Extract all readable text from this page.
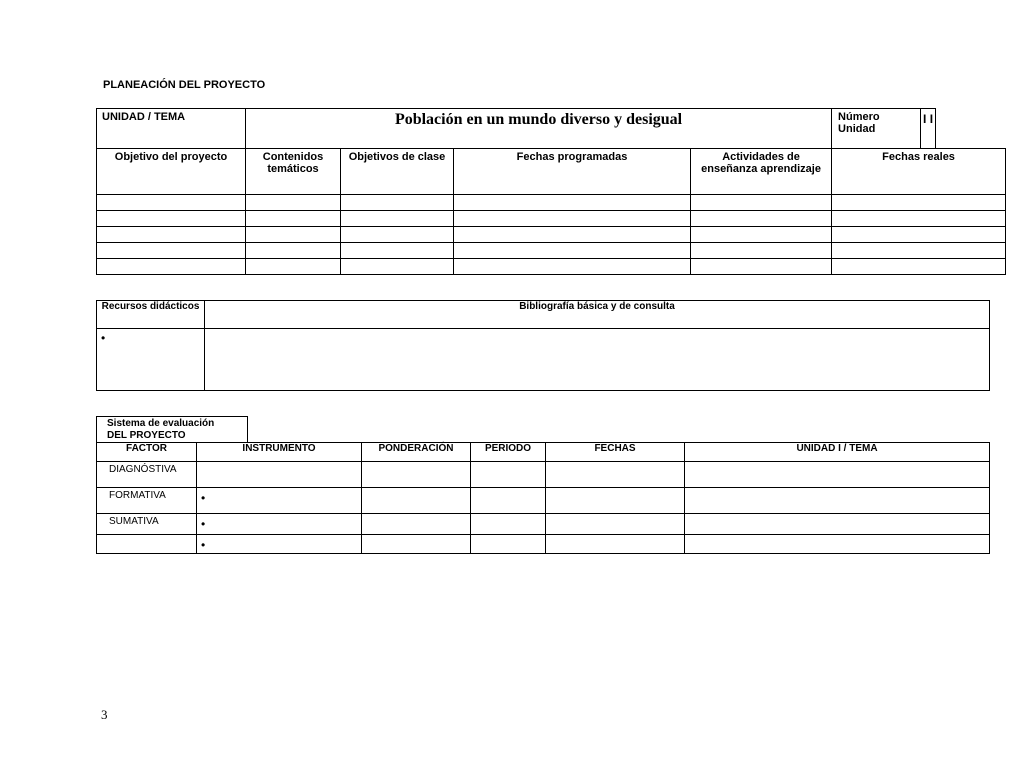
PLANEACIÓN DEL PROYECTO
UNIDAD / TEMA	Población en un mundo diverso y desigual				Número Unidad	I I	
Objetivo del proyecto	Contenidos temáticos	Objetivos de clase	Fechas programadas	Actividades de enseñanza aprendizaje	Fechas reales		

Recursos didácticos	Bibliografía básica y de consulta
•	
Sistema de evaluación DEL PROYECTO
FACTOR	INSTRUMENTO	PONDERACIÓN	PERIODO	FECHAS	UNIDAD I / TEMA
DIAGNÓSTIVA					
FORMATIVA	•				
SUMATIVA	•				
	•				
3
